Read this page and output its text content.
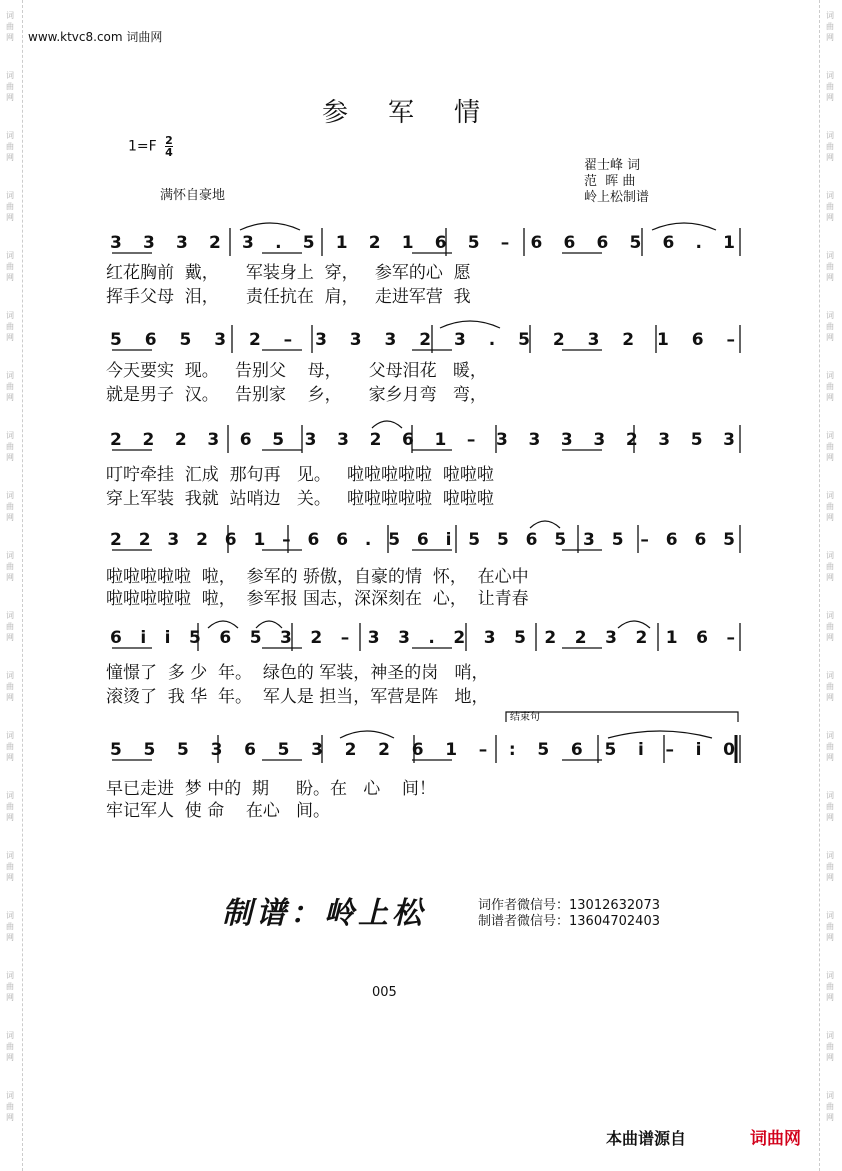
词
曲
网
词
曲
网
词
曲
网
词
曲
网
词
曲
网
词
曲
网
词
曲
网
词
曲
网
词
曲
网
词
曲
网
词
曲
网
词
曲
网
词
曲
网
词
曲
网
词
曲
网
词
曲
网
词
曲
网
词
曲
网
词
曲
网
词
曲
网
词
曲
网
词
曲
网
词
曲
网
词
曲
网
词
曲
网
词
曲
网
词
曲
网
词
曲
网
词
曲
网
词
曲
网
词
曲
网
词
曲
网
词
曲
网
词
曲
网
词
曲
网
词
曲
网
词
曲
网
词
曲
网
www.ktvc8.com 词曲网
参军情
$1=F \frac{2}{4}$
翟士峰 词
范  晖 曲
岭上松制谱
满怀自豪地
3 3 3 2 3 . 5 1 2 1 6 5 – 6 6 6 5 6 . 1
5 6 5 3 2 – 3 3 3 2 3 . 5 2 3 2 1 6 –
2 2 2 3 6 5 3 3 2 6 1 – 3 3 3 3 2 3 5 3
2 2 3 2 6 1 – 6 6 . 5 6 i 5 5 6 5 3 5 – 6 6 5
6 i i 5 6 5 3 2 – 3 3 . 2 3 5 2 2 3 2 1 6 –
5 5 5 3 6 5 3 2 2 6 1 – : 5 6 5 i – i 0
结束句
红花胸前  戴，     军装身上  穿，   参军的心  愿
挥手父母  泪，     责任抗在  肩，   走进军营  我
今天要实  现。   告别父    母，     父母泪花   暖，
就是男子  汉。   告别家    乡，     家乡月弯   弯，
叮咛牵挂  汇成  那句再   见。   啦啦啦啦啦  啦啦啦
穿上军装  我就  站哨边   关。   啦啦啦啦啦  啦啦啦
啦啦啦啦啦  啦，  参军的 骄傲，自豪的情  怀，  在心中
啦啦啦啦啦  啦，  参军报 国志，深深刻在  心，  让青春
憧憬了  多 少  年。  绿色的 军装，神圣的岗   哨，
滚烫了  我 华  年。  军人是 担当，军营是阵   地，
早已走进  梦 中的  期     盼。在   心    间！
牢记军人  使 命    在心   间。
制谱：岭上松	词作者微信号：13012632073
制谱者微信号：13604702403
005
本曲谱源自	词曲网
